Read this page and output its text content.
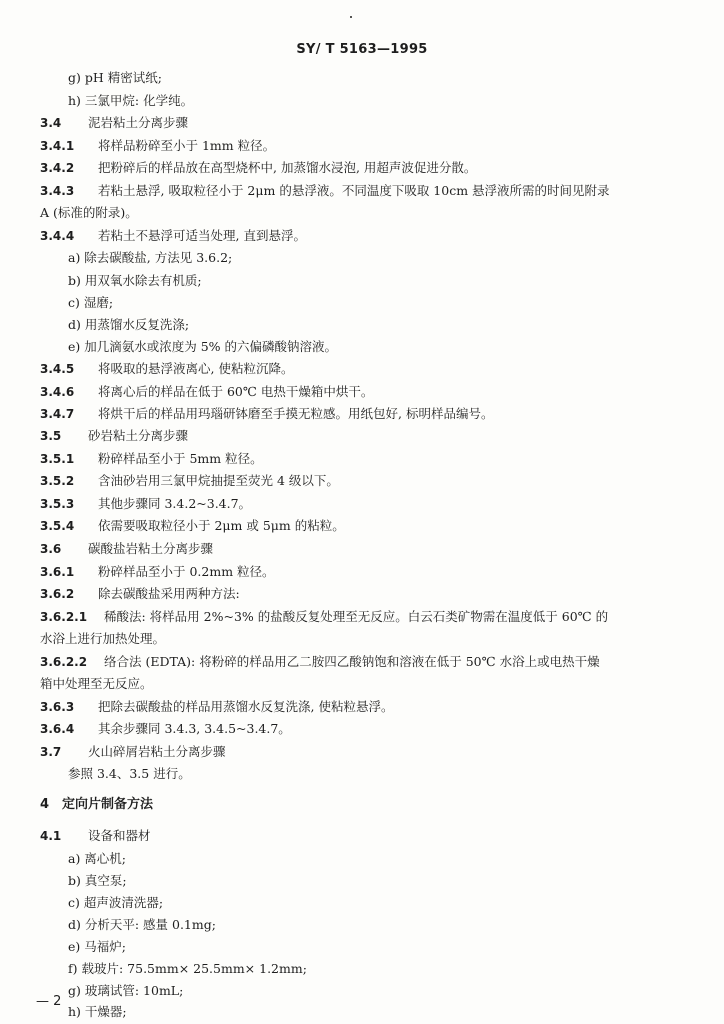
SY/ T 5163—1995
g) pH 精密试纸;
h) 三氯甲烷: 化学纯。
3.4 泥岩粘土分离步骤
3.4.1 将样品粉碎至小于 1mm 粒径。
3.4.2 把粉碎后的样品放在高型烧杯中, 加蒸馏水浸泡, 用超声波促进分散。
3.4.3 若粘土悬浮, 吸取粒径小于 2μm 的悬浮液。不同温度下吸取 10cm 悬浮液所需的时间见附录
A (标准的附录)。
3.4.4 若粘土不悬浮可适当处理, 直到悬浮。
a) 除去碳酸盐, 方法见 3.6.2;
b) 用双氧水除去有机质;
c) 湿磨;
d) 用蒸馏水反复洗涤;
e) 加几滴氨水或浓度为 5% 的六偏磷酸钠溶液。
3.4.5 将吸取的悬浮液离心, 使粘粒沉降。
3.4.6 将离心后的样品在低于 60℃ 电热干燥箱中烘干。
3.4.7 将烘干后的样品用玛瑙研钵磨至手摸无粒感。用纸包好, 标明样品编号。
3.5 砂岩粘土分离步骤
3.5.1 粉碎样品至小于 5mm 粒径。
3.5.2 含油砂岩用三氯甲烷抽提至荧光 4 级以下。
3.5.3 其他步骤同 3.4.2~3.4.7。
3.5.4 依需要吸取粒径小于 2μm 或 5μm 的粘粒。
3.6 碳酸盐岩粘土分离步骤
3.6.1 粉碎样品至小于 0.2mm 粒径。
3.6.2 除去碳酸盐采用两种方法:
3.6.2.1 稀酸法: 将样品用 2%~3% 的盐酸反复处理至无反应。白云石类矿物需在温度低于 60℃ 的
水浴上进行加热处理。
3.6.2.2 络合法 (EDTA): 将粉碎的样品用乙二胺四乙酸钠饱和溶液在低于 50℃ 水浴上或电热干燥
箱中处理至无反应。
3.6.3 把除去碳酸盐的样品用蒸馏水反复洗涤, 使粘粒悬浮。
3.6.4 其余步骤同 3.4.3, 3.4.5~3.4.7。
3.7 火山碎屑岩粘土分离步骤
参照 3.4、3.5 进行。
4 定向片制备方法
4.1 设备和器材
a) 离心机;
b) 真空泵;
c) 超声波清洗器;
d) 分析天平: 感量 0.1mg;
e) 马福炉;
f) 载玻片: 75.5mm× 25.5mm× 1.2mm;
g) 玻璃试管: 10mL;
h) 干燥器;
— 2
